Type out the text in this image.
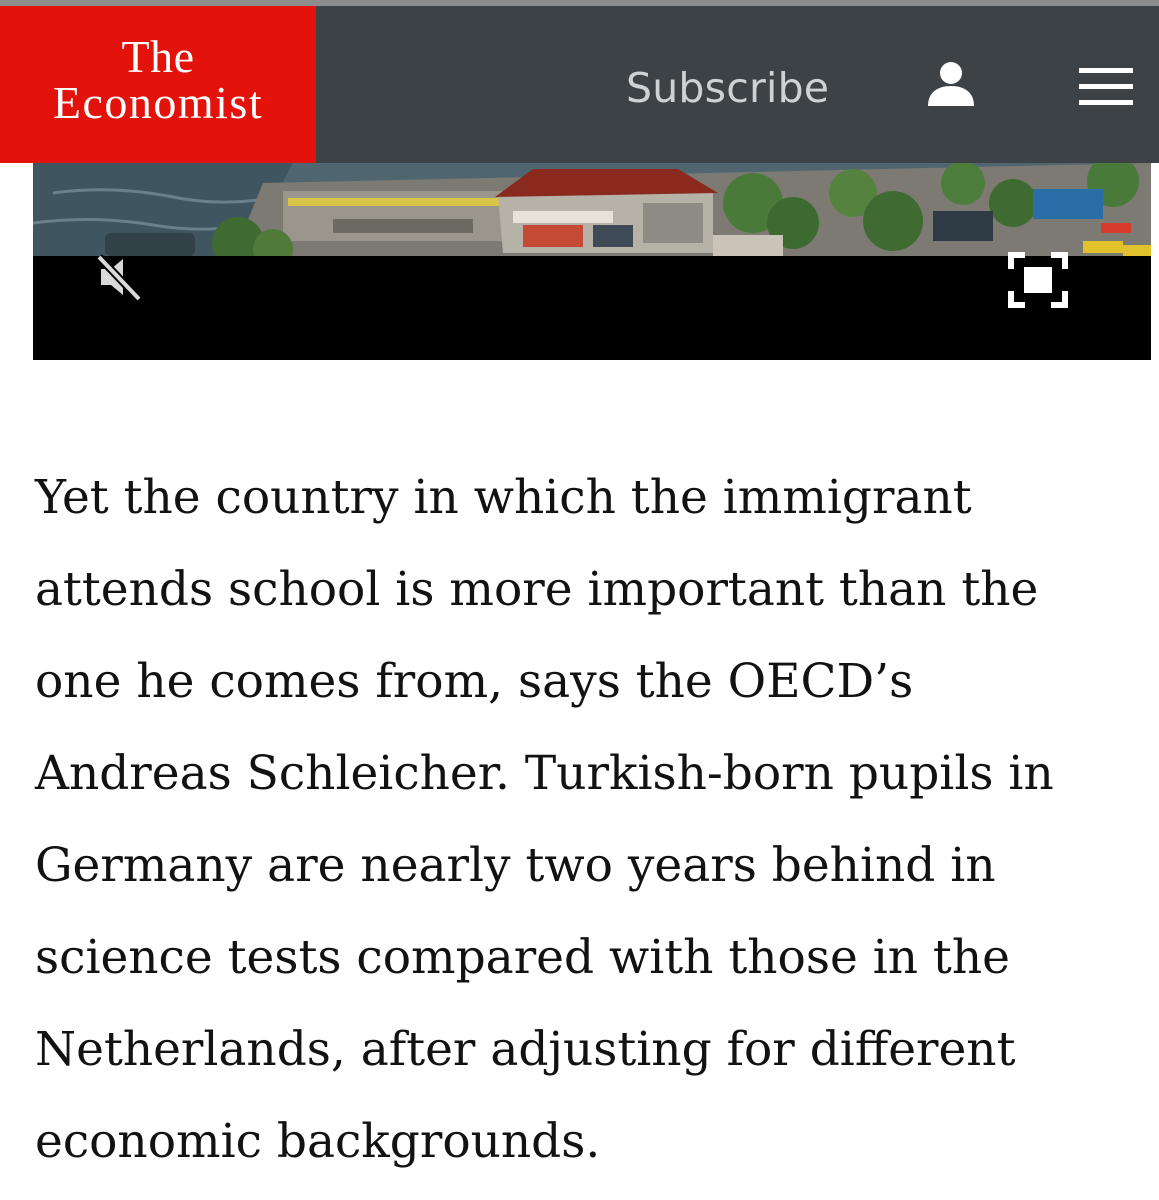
The
Economist	Subscribe

Yet the country in which the immigrant
attends school is more important than the
one he comes from, says the OECD’s
Andreas Schleicher. Turkish-born pupils in
Germany are nearly two years behind in
science tests compared with those in the
Netherlands, after adjusting for different
economic backgrounds.
